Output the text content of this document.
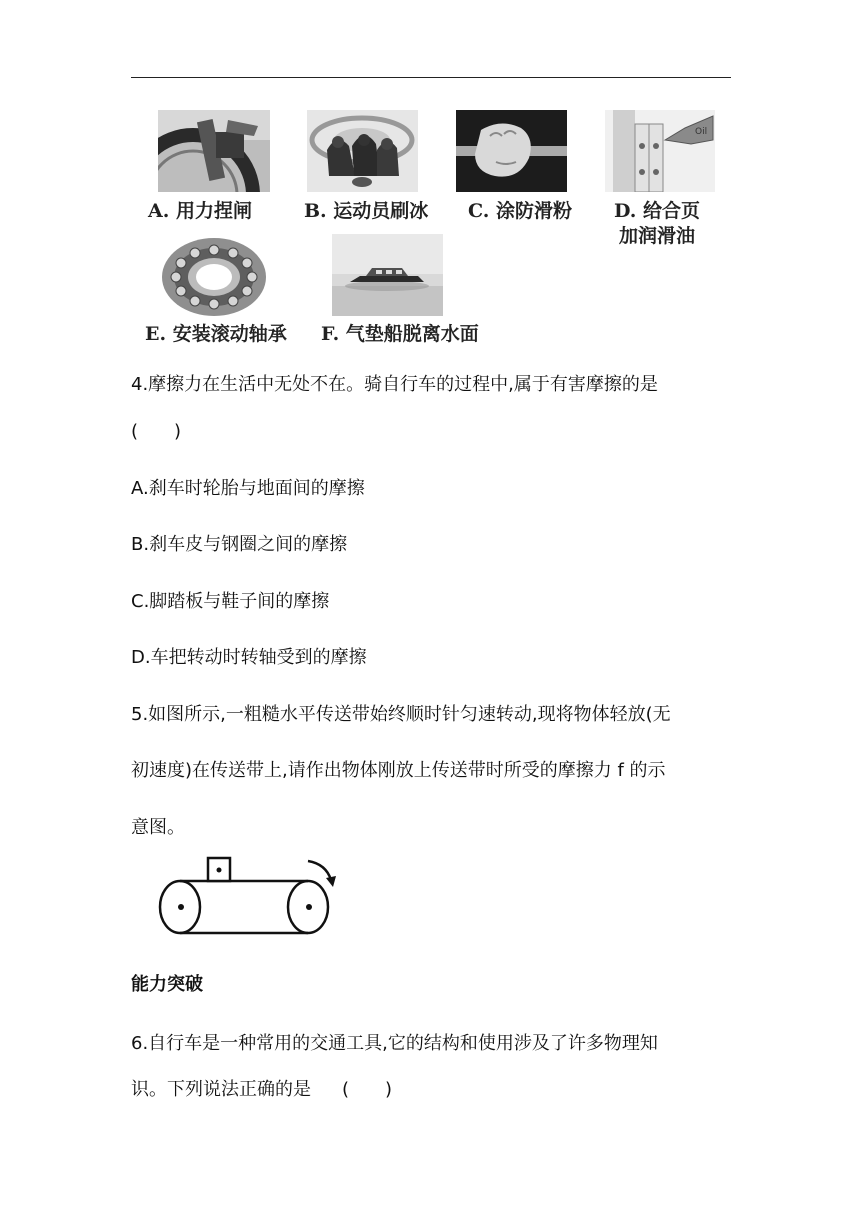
A. 用力捏闸	B. 运动员刷冰 C. 涂防滑粉
Oil
D. 给合页
加润滑油
E. 安装滚动轴承 F. 气垫船脱离水面
4.摩擦力在生活中无处不在。骑自行车的过程中,属于有害摩擦的是
(　　)
A.刹车时轮胎与地面间的摩擦
B.刹车皮与钢圈之间的摩擦
C.脚踏板与鞋子间的摩擦
D.车把转动时转轴受到的摩擦
5.如图所示,一粗糙水平传送带始终顺时针匀速转动,现将物体轻放(无
初速度)在传送带上,请作出物体刚放上传送带时所受的摩擦力 f 的示
意图。
能力突破
6.自行车是一种常用的交通工具,它的结构和使用涉及了许多物理知
识。下列说法正确的是 (　　)
